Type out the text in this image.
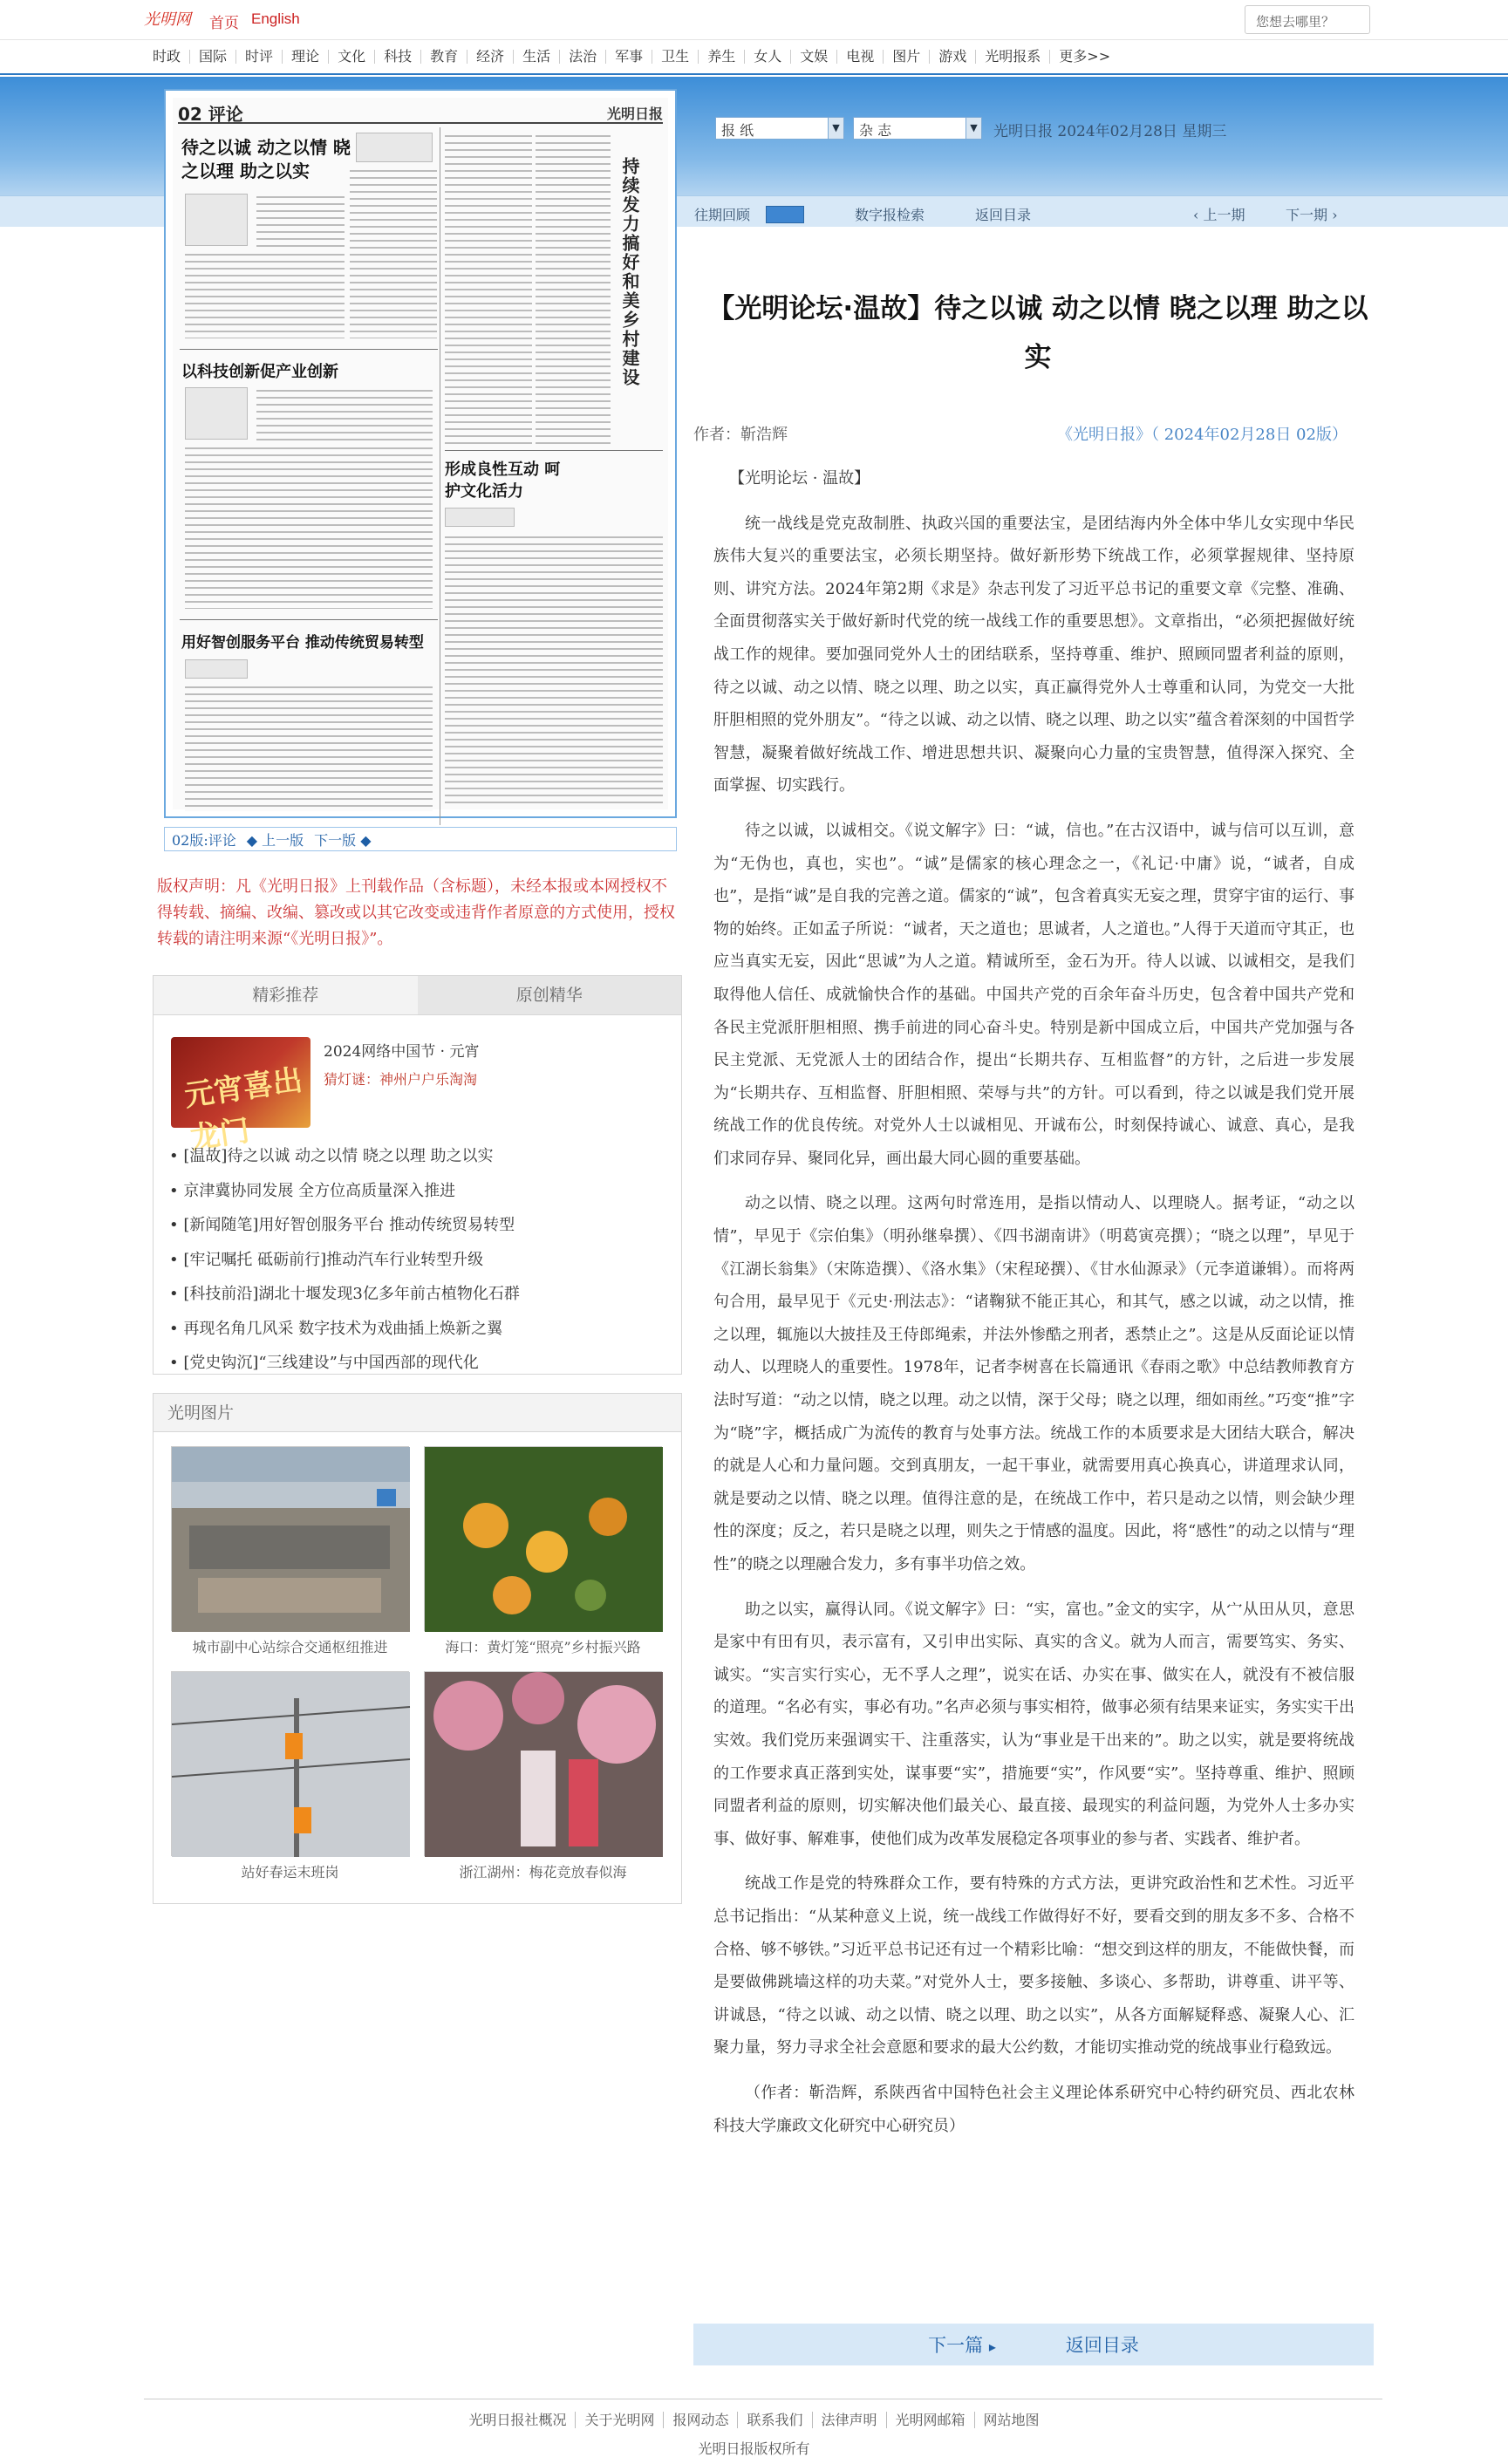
光明网 首页 English	您想去哪里？
时政	国际	时评	理论	文化	科技	教育	经济	生活	法治	军事	卫生	养生	女人	文娱	电视	图片	游戏	光明报系	更多>>
02 评论	光明日报
待之以诚 动之以情 晓之以理 助之以实	持续发力搞好和美乡村建设
以科技创新促产业创新
形成良性互动 呵护文化活力
用好智创服务平台 推动传统贸易转型
02版:评论 ◆ 上一版 下一版 ◆
版权声明：凡《光明日报》上刊载作品（含标题），未经本报或本网授权不得转载、摘编、改编、篡改或以其它改变或违背作者原意的方式使用，授权转载的请注明来源“《光明日报》”。
精彩推荐	原创精华
元宵喜出龙门
2024网络中国节 · 元宵
猜灯谜：神州户户乐淘淘
• [温故]待之以诚 动之以情 晓之以理 助之以实
• 京津冀协同发展 全方位高质量深入推进
• [新闻随笔]用好智创服务平台 推动传统贸易转型
• [牢记嘱托 砥砺前行]推动汽车行业转型升级
• [科技前沿]湖北十堰发现3亿多年前古植物化石群
• 再现名角几风采 数字技术为戏曲插上焕新之翼
• [党史钩沉]“三线建设”与中国西部的现代化
光明图片
城市副中心站综合交通枢纽推进	海口：黄灯笼“照亮”乡村振兴路
站好春运末班岗	浙江湖州：梅花竞放春似海
报 纸	▼	杂 志	▼ 光明日报 2024年02月28日 星期三
往期回顾	数字报检索	返回目录	‹ 上一期	下一期 ›
【光明论坛·温故】待之以诚 动之以情 晓之以理 助之以实
作者：靳浩辉	《光明日报》（ 2024年02月28日 02版）

【光明论坛 · 温故】

统一战线是党克敌制胜、执政兴国的重要法宝，是团结海内外全体中华儿女实现中华民族伟大复兴的重要法宝，必须长期坚持。做好新形势下统战工作，必须掌握规律、坚持原则、讲究方法。2024年第2期《求是》杂志刊发了习近平总书记的重要文章《完整、准确、全面贯彻落实关于做好新时代党的统一战线工作的重要思想》。文章指出，“必须把握做好统战工作的规律。要加强同党外人士的团结联系，坚持尊重、维护、照顾同盟者利益的原则，待之以诚、动之以情、晓之以理、助之以实，真正赢得党外人士尊重和认同，为党交一大批肝胆相照的党外朋友”。“待之以诚、动之以情、晓之以理、助之以实”蕴含着深刻的中国哲学智慧，凝聚着做好统战工作、增进思想共识、凝聚向心力量的宝贵智慧，值得深入探究、全面掌握、切实践行。

待之以诚，以诚相交。《说文解字》曰：“诚，信也。”在古汉语中，诚与信可以互训，意为“无伪也，真也，实也”。“诚”是儒家的核心理念之一，《礼记·中庸》说，“诚者，自成也”，是指“诚”是自我的完善之道。儒家的“诚”，包含着真实无妄之理，贯穿宇宙的运行、事物的始终。正如孟子所说：“诚者，天之道也；思诚者，人之道也。”人得于天道而守其正，也应当真实无妄，因此“思诚”为人之道。精诚所至，金石为开。待人以诚、以诚相交，是我们取得他人信任、成就愉快合作的基础。中国共产党的百余年奋斗历史，包含着中国共产党和各民主党派肝胆相照、携手前进的同心奋斗史。特别是新中国成立后，中国共产党加强与各民主党派、无党派人士的团结合作，提出“长期共存、互相监督”的方针，之后进一步发展为“长期共存、互相监督、肝胆相照、荣辱与共”的方针。可以看到，待之以诚是我们党开展统战工作的优良传统。对党外人士以诚相见、开诚布公，时刻保持诚心、诚意、真心，是我们求同存异、聚同化异，画出最大同心圆的重要基础。

动之以情、晓之以理。这两句时常连用，是指以情动人、以理晓人。据考证，“动之以情”，早见于《宗伯集》（明孙继皋撰）、《四书湖南讲》（明葛寅亮撰）；“晓之以理”，早见于《江湖长翁集》（宋陈造撰）、《洛水集》（宋程珌撰）、《甘水仙源录》（元李道谦辑）。而将两句合用，最早见于《元史·刑法志》：“诸鞠狱不能正其心，和其气，感之以诚，动之以情，推之以理，辄施以大披挂及王侍郎绳索，并法外惨酷之刑者，悉禁止之”。这是从反面论证以情动人、以理晓人的重要性。1978年，记者李树喜在长篇通讯《春雨之歌》中总结教师教育方法时写道：“动之以情，晓之以理。动之以情，深于父母；晓之以理，细如雨丝。”巧变“推”字为“晓”字，概括成广为流传的教育与处事方法。统战工作的本质要求是大团结大联合，解决的就是人心和力量问题。交到真朋友，一起干事业，就需要用真心换真心，讲道理求认同，就是要动之以情、晓之以理。值得注意的是，在统战工作中，若只是动之以情，则会缺少理性的深度；反之，若只是晓之以理，则失之于情感的温度。因此，将“感性”的动之以情与“理性”的晓之以理融合发力，多有事半功倍之效。

助之以实，赢得认同。《说文解字》曰：“实，富也。”金文的实字，从宀从田从贝，意思是家中有田有贝，表示富有，又引申出实际、真实的含义。就为人而言，需要笃实、务实、诚实。“实言实行实心，无不孚人之理”，说实在话、办实在事、做实在人，就没有不被信服的道理。“名必有实，事必有功。”名声必须与事实相符，做事必须有结果来证实，务实实干出实效。我们党历来强调实干、注重落实，认为“事业是干出来的”。助之以实，就是要将统战的工作要求真正落到实处，谋事要“实”，措施要“实”，作风要“实”。坚持尊重、维护、照顾同盟者利益的原则，切实解决他们最关心、最直接、最现实的利益问题，为党外人士多办实事、做好事、解难事，使他们成为改革发展稳定各项事业的参与者、实践者、维护者。

统战工作是党的特殊群众工作，要有特殊的方式方法，更讲究政治性和艺术性。习近平总书记指出：“从某种意义上说，统一战线工作做得好不好，要看交到的朋友多不多、合格不合格、够不够铁。”习近平总书记还有过一个精彩比喻：“想交到这样的朋友，不能做快餐，而是要做佛跳墙这样的功夫菜。”对党外人士，要多接触、多谈心、多帮助，讲尊重、讲平等、讲诚恳，“待之以诚、动之以情、晓之以理、助之以实”，从各方面解疑释惑、凝聚人心、汇聚力量，努力寻求全社会意愿和要求的最大公约数，才能切实推动党的统战事业行稳致远。

（作者：靳浩辉，系陕西省中国特色社会主义理论体系研究中心特约研究员、西北农林科技大学廉政文化研究中心研究员）

下一篇 ▸	返回目录
光明日报社概况 关于光明网 报网动态 联系我们 法律声明 光明网邮箱 网站地图
光明日报版权所有
